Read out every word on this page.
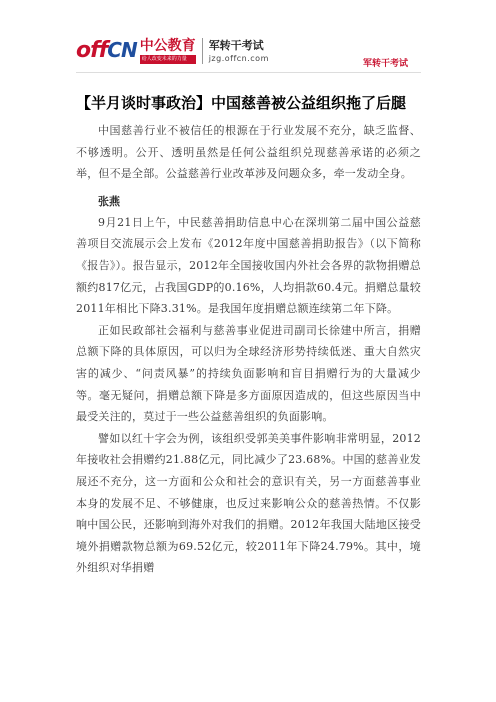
offCN 中公教育
给人改变未来的力量
军转干考试
jzg.offcn.com
军转干考试
【半月谈时事政治】中国慈善被公益组织拖了后腿

中国慈善行业不被信任的根源在于行业发展不充分，缺乏监督、不够透明。公开、透明虽然是任何公益组织兑现慈善承诺的必须之举，但不是全部。公益慈善行业改革涉及问题众多，牵一发动全身。

张燕

9月21日上午，中民慈善捐助信息中心在深圳第二届中国公益慈善项目交流展示会上发布《2012年度中国慈善捐助报告》（以下简称《报告》）。报告显示，2012年全国接收国内外社会各界的款物捐赠总额约817亿元，占我国GDP的0.16%，人均捐款60.4元。捐赠总量较2011年相比下降3.31%。是我国年度捐赠总额连续第二年下降。

正如民政部社会福利与慈善事业促进司副司长徐建中所言，捐赠总额下降的具体原因，可以归为全球经济形势持续低迷、重大自然灾害的减少、“问责风暴”的持续负面影响和盲目捐赠行为的大量减少等。毫无疑问，捐赠总额下降是多方面原因造成的，但这些原因当中最受关注的，莫过于一些公益慈善组织的负面影响。

譬如以红十字会为例，该组织受郭美美事件影响非常明显，2012年接收社会捐赠约21.88亿元，同比减少了23.68%。中国的慈善业发展还不充分，这一方面和公众和社会的意识有关，另一方面慈善事业本身的发展不足、不够健康，也反过来影响公众的慈善热情。不仅影响中国公民，还影响到海外对我们的捐赠。2012年我国大陆地区接受境外捐赠款物总额为69.52亿元，较2011年下降24.79%。其中，境外组织对华捐赠
